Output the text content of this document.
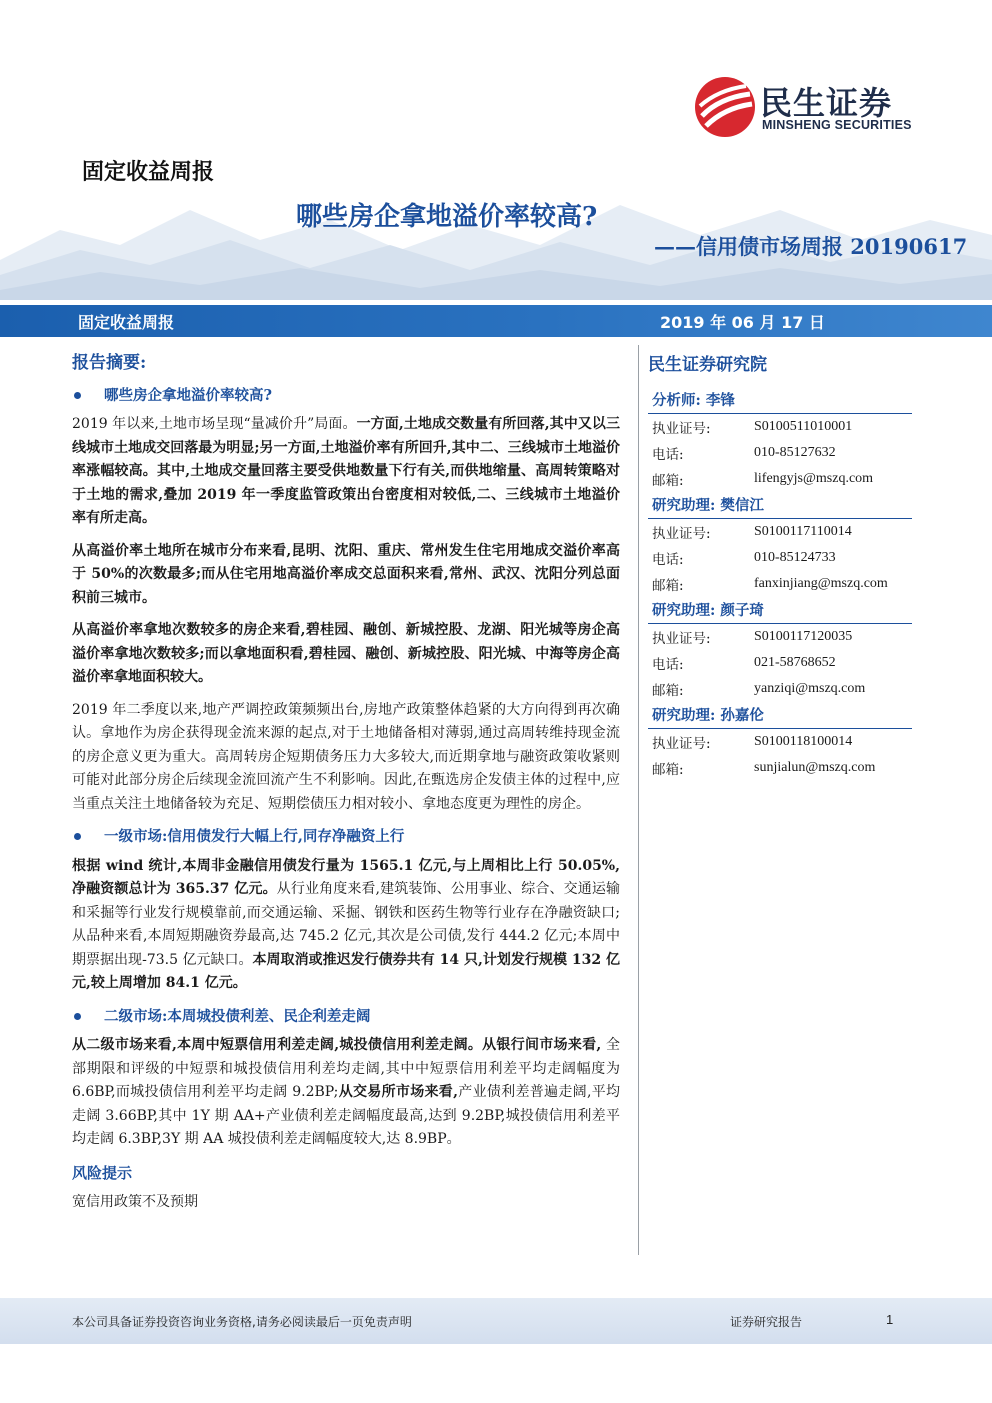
民生证券
MINSHENG SECURITIES
固定收益周报
哪些房企拿地溢价率较高?
——信用债市场周报 20190617
固定收益周报	2019 年 06 月 17 日
报告摘要:
哪些房企拿地溢价率较高?

2019 年以来,土地市场呈现“量减价升”局面。一方面,土地成交数量有所回落,其中又以三线城市土地成交回落最为明显;另一方面,土地溢价率有所回升,其中二、三线城市土地溢价率涨幅较高。其中,土地成交量回落主要受供地数量下行有关,而供地缩量、高周转策略对于土地的需求,叠加 2019 年一季度监管政策出台密度相对较低,二、三线城市土地溢价率有所走高。

从高溢价率土地所在城市分布来看,昆明、沈阳、重庆、常州发生住宅用地成交溢价率高于 50%的次数最多;而从住宅用地高溢价率成交总面积来看,常州、武汉、沈阳分列总面积前三城市。

从高溢价率拿地次数较多的房企来看,碧桂园、融创、新城控股、龙湖、阳光城等房企高溢价率拿地次数较多;而以拿地面积看,碧桂园、融创、新城控股、阳光城、中海等房企高溢价率拿地面积较大。

2019 年二季度以来,地产严调控政策频频出台,房地产政策整体趋紧的大方向得到再次确认。拿地作为房企获得现金流来源的起点,对于土地储备相对薄弱,通过高周转维持现金流的房企意义更为重大。高周转房企短期债务压力大多较大,而近期拿地与融资政策收紧则可能对此部分房企后续现金流回流产生不利影响。因此,在甄选房企发债主体的过程中,应当重点关注土地储备较为充足、短期偿债压力相对较小、拿地态度更为理性的房企。

一级市场:信用债发行大幅上行,同存净融资上行

根据 wind 统计,本周非金融信用债发行量为 1565.1 亿元,与上周相比上行 50.05%,净融资额总计为 365.37 亿元。从行业角度来看,建筑装饰、公用事业、综合、交通运输和采掘等行业发行规模靠前,而交通运输、采掘、钢铁和医药生物等行业存在净融资缺口;从品种来看,本周短期融资券最高,达 745.2 亿元,其次是公司债,发行 444.2 亿元;本周中期票据出现-73.5 亿元缺口。本周取消或推迟发行债券共有 14 只,计划发行规模 132 亿元,较上周增加 84.1 亿元。

二级市场:本周城投债利差、民企利差走阔

从二级市场来看,本周中短票信用利差走阔,城投债信用利差走阔。从银行间市场来看, 全部期限和评级的中短票和城投债信用利差均走阔,其中中短票信用利差平均走阔幅度为 6.6BP,而城投债信用利差平均走阔 9.2BP;从交易所市场来看,产业债利差普遍走阔,平均走阔 3.66BP,其中 1Y 期 AA+产业债利差走阔幅度最高,达到 9.2BP,城投债信用利差平均走阔 6.3BP,3Y 期 AA 城投债利差走阔幅度较大,达 8.9BP。

风险提示
宽信用政策不及预期
民生证券研究院
分析师: 李锋
执业证号:	S0100511010001
电话:	010-85127632
邮箱:	lifengyjs@mszq.com
研究助理: 樊信江
执业证号:	S0100117110014
电话:	010-85124733
邮箱:	fanxinjiang@mszq.com
研究助理: 颜子琦
执业证号:	S0100117120035
电话:	021-58768652
邮箱:	yanziqi@mszq.com
研究助理: 孙嘉伦
执业证号:	S0100118100014
邮箱:	sunjialun@mszq.com
本公司具备证券投资咨询业务资格,请务必阅读最后一页免责声明	证券研究报告	1
